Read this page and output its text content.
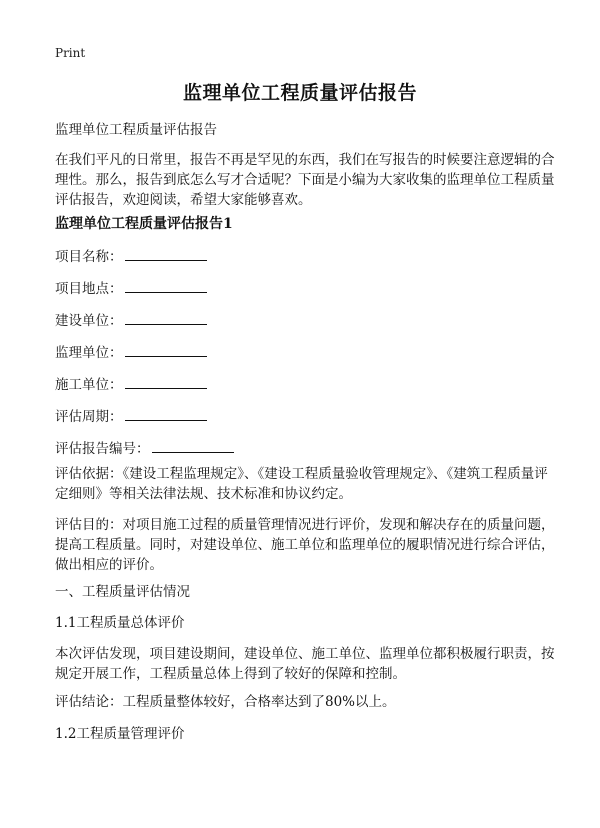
Print
监理单位工程质量评估报告
监理单位工程质量评估报告
在我们平凡的日常里，报告不再是罕见的东西，我们在写报告的时候要注意逻辑的合理性。那么，报告到底怎么写才合适呢？下面是小编为大家收集的监理单位工程质量评估报告，欢迎阅读，希望大家能够喜欢。
监理单位工程质量评估报告1
项目名称：
项目地点：
建设单位：
监理单位：
施工单位：
评估周期：
评估报告编号：
评估依据：《建设工程监理规定》、《建设工程质量验收管理规定》、《建筑工程质量评定细则》等相关法律法规、技术标准和协议约定。
评估目的：对项目施工过程的质量管理情况进行评价，发现和解决存在的质量问题，提高工程质量。同时，对建设单位、施工单位和监理单位的履职情况进行综合评估，做出相应的评价。
一、工程质量评估情况
1.1工程质量总体评价
本次评估发现，项目建设期间，建设单位、施工单位、监理单位都积极履行职责，按规定开展工作，工程质量总体上得到了较好的保障和控制。
评估结论：工程质量整体较好，合格率达到了80%以上。
1.2工程质量管理评价
